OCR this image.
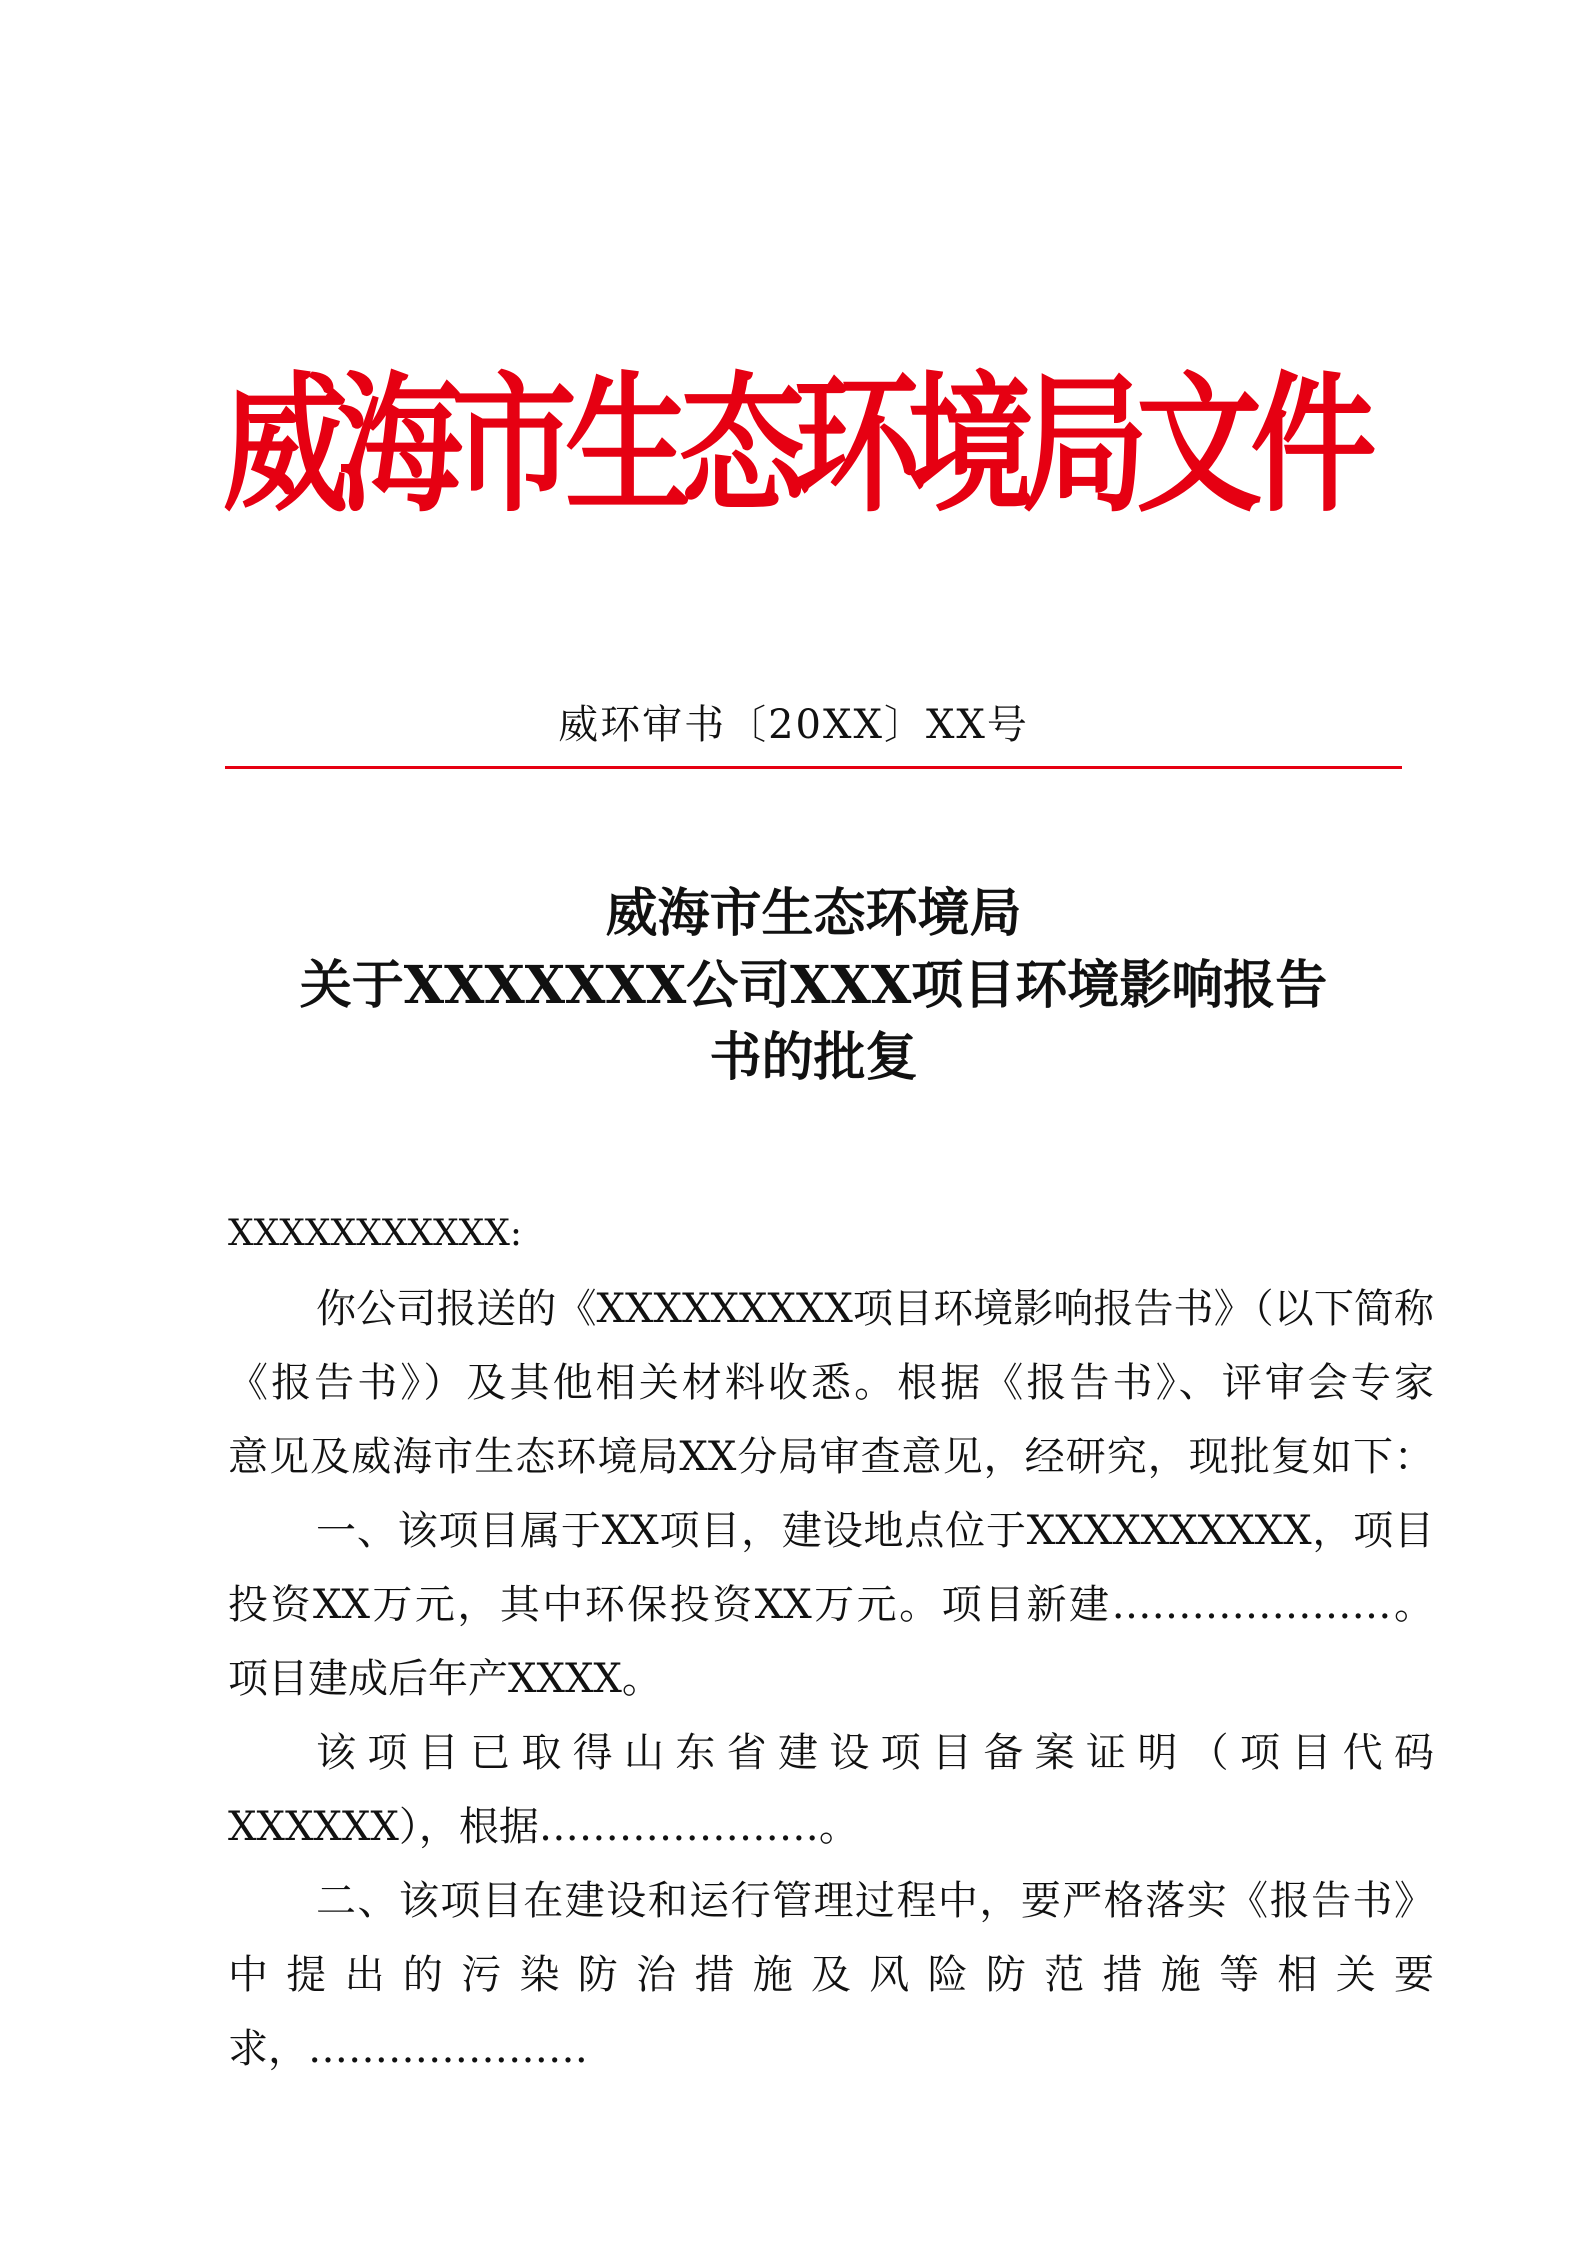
威海市生态环境局文件
威环审书〔20XX〕XX号
威海市生态环境局
关于XXXXXXX公司XXX项目环境影响报告
书的批复
XXXXXXXXXXX:
你公司报送的《XXXXXXXXX项目环境影响报告书》（以下简称
《报告书》）及其他相关材料收悉。根据《报告书》、评审会专家
意见及威海市生态环境局XX分局审查意见，经研究，现批复如下：
一、该项目属于XX项目，建设地点位于XXXXXXXXXX，项目
投资XX万元，其中环保投资XX万元。项目新建…………………。
项目建成后年产XXXX。
该项目已取得山东省建设项目备案证明（项目代码
XXXXXX），根据…………………。
二、该项目在建设和运行管理过程中，要严格落实《报告书》
中提出的污染防治措施及风险防范措施等相关要
求，…………………
